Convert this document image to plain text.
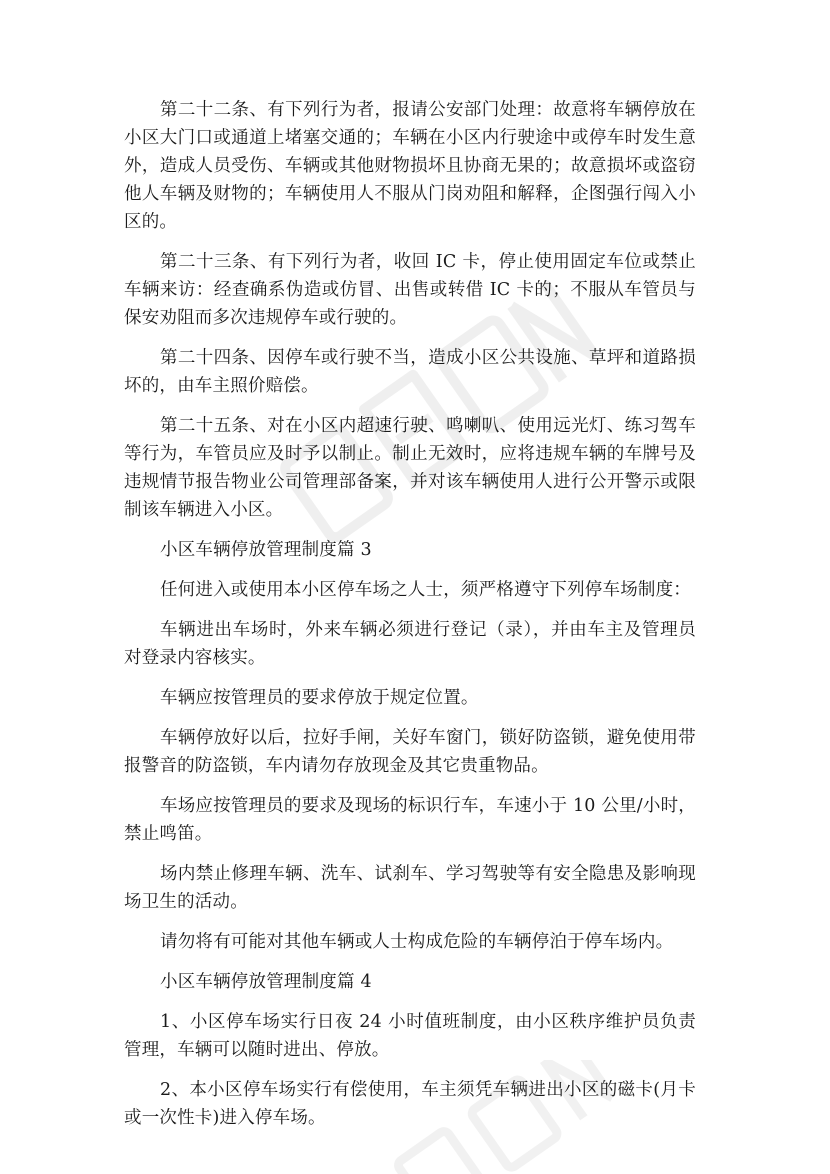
第二十二条、有下列行为者，报请公安部门处理：故意将车辆停放在小区大门口或通道上堵塞交通的；车辆在小区内行驶途中或停车时发生意外，造成人员受伤、车辆或其他财物损坏且协商无果的；故意损坏或盗窃他人车辆及财物的；车辆使用人不服从门岗劝阻和解释，企图强行闯入小区的。

第二十三条、有下列行为者，收回 IC 卡，停止使用固定车位或禁止车辆来访：经查确系伪造或仿冒、出售或转借 IC 卡的；不服从车管员与保安劝阻而多次违规停车或行驶的。

第二十四条、因停车或行驶不当，造成小区公共设施、草坪和道路损坏的，由车主照价赔偿。

第二十五条、对在小区内超速行驶、鸣喇叭、使用远光灯、练习驾车等行为，车管员应及时予以制止。制止无效时，应将违规车辆的车牌号及违规情节报告物业公司管理部备案，并对该车辆使用人进行公开警示或限制该车辆进入小区。

小区车辆停放管理制度篇 3

任何进入或使用本小区停车场之人士，须严格遵守下列停车场制度：

车辆进出车场时，外来车辆必须进行登记（录），并由车主及管理员对登录内容核实。

车辆应按管理员的要求停放于规定位置。

车辆停放好以后，拉好手闸，关好车窗门，锁好防盗锁，避免使用带报警音的防盗锁，车内请勿存放现金及其它贵重物品。

车场应按管理员的要求及现场的标识行车，车速小于 10 公里/小时，禁止鸣笛。

场内禁止修理车辆、洗车、试刹车、学习驾驶等有安全隐患及影响现场卫生的活动。

请勿将有可能对其他车辆或人士构成危险的车辆停泊于停车场内。

小区车辆停放管理制度篇 4

1、小区停车场实行日夜 24 小时值班制度，由小区秩序维护员负责管理，车辆可以随时进出、停放。

2、本小区停车场实行有偿使用，车主须凭车辆进出小区的磁卡(月卡或一次性卡)进入停车场。
